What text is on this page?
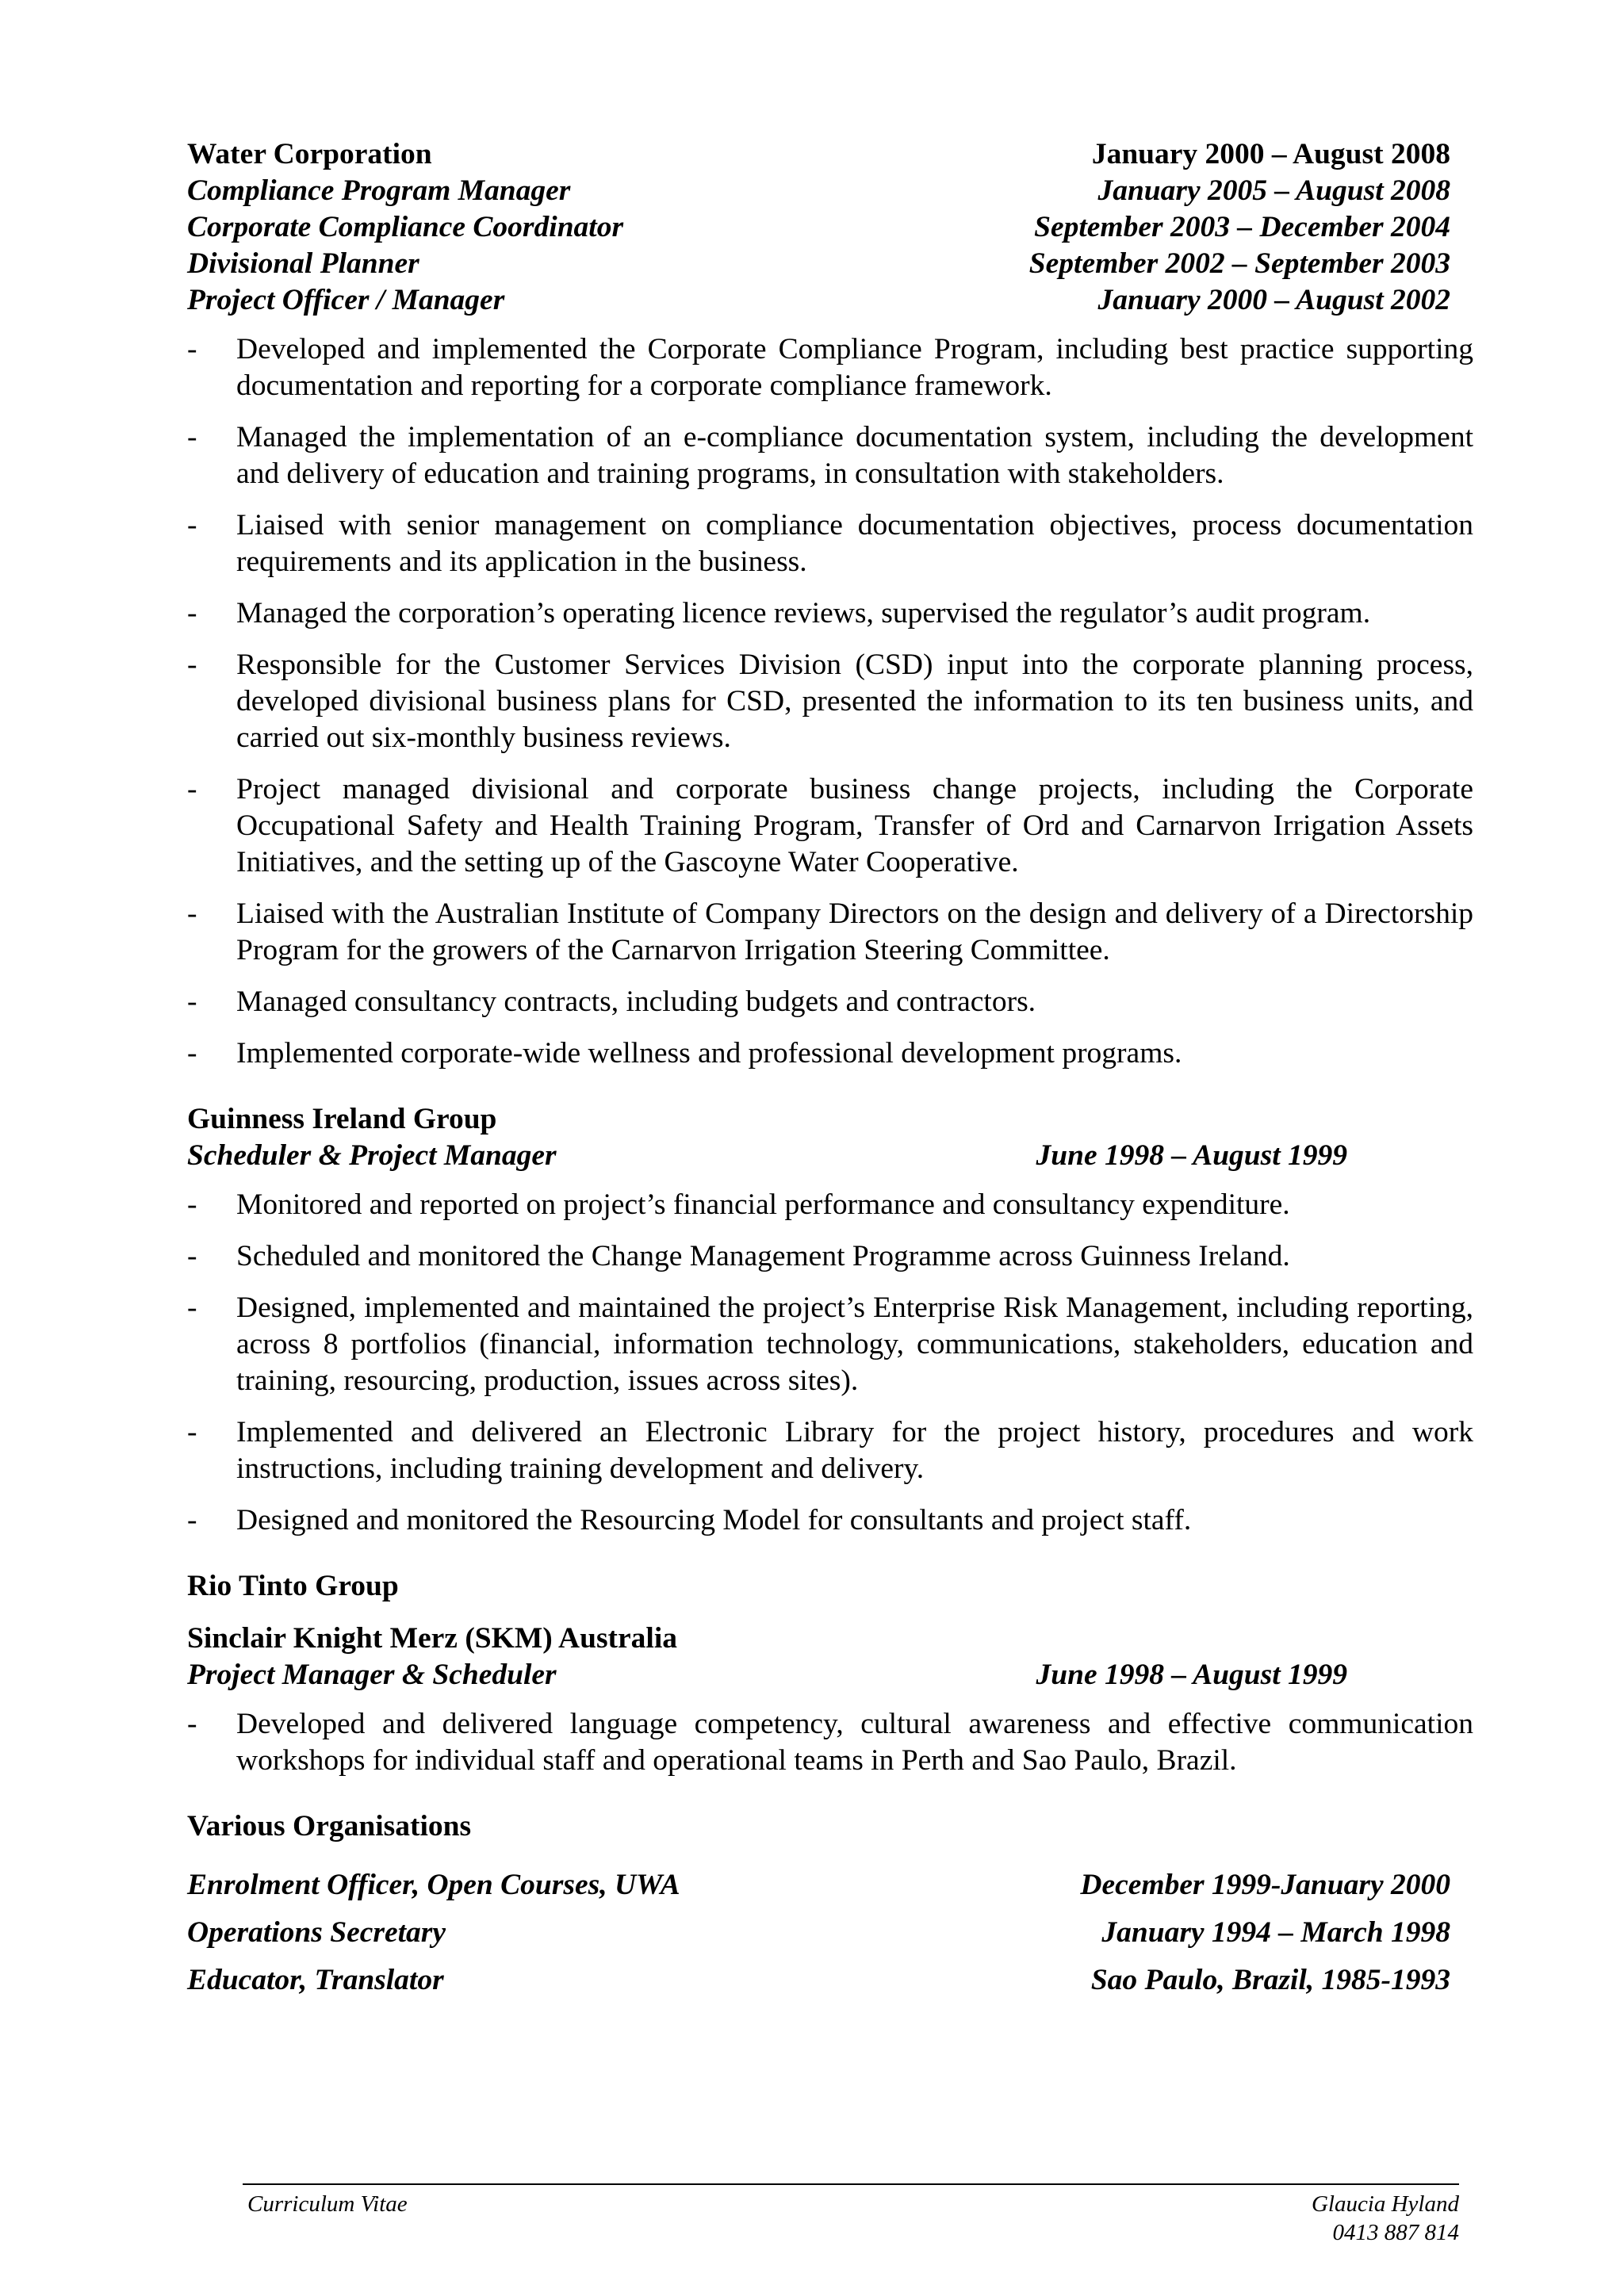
Water Corporation	January 2000 – August 2008
Compliance Program Manager	January 2005 – August 2008
Corporate Compliance Coordinator	September 2003 – December 2004
Divisional Planner	September 2002 – September 2003
Project Officer / Manager	January 2000 – August 2002
- Developed and implemented the Corporate Compliance Program, including best practice supporting documentation and reporting for a corporate compliance framework.
- Managed the implementation of an e-compliance documentation system, including the development and delivery of education and training programs, in consultation with stakeholders.
- Liaised with senior management on compliance documentation objectives, process documentation requirements and its application in the business.
- Managed the corporation’s operating licence reviews, supervised the regulator’s audit program.
- Responsible for the Customer Services Division (CSD) input into the corporate planning process, developed divisional business plans for CSD, presented the information to its ten business units, and carried out six-monthly business reviews.
- Project managed divisional and corporate business change projects, including the Corporate Occupational Safety and Health Training Program, Transfer of Ord and Carnarvon Irrigation Assets Initiatives, and the setting up of the Gascoyne Water Cooperative.
- Liaised with the Australian Institute of Company Directors on the design and delivery of a Directorship Program for the growers of the Carnarvon Irrigation Steering Committee.
- Managed consultancy contracts, including budgets and contractors.
- Implemented corporate-wide wellness and professional development programs.
Guinness Ireland Group
Scheduler & Project Manager	June 1998 – August 1999
- Monitored and reported on project’s financial performance and consultancy expenditure.
- Scheduled and monitored the Change Management Programme across Guinness Ireland.
- Designed, implemented and maintained the project’s Enterprise Risk Management, including reporting, across 8 portfolios (financial, information technology, communications, stakeholders, education and training, resourcing, production, issues across sites).
- Implemented and delivered an Electronic Library for the project history, procedures and work instructions, including training development and delivery.
- Designed and monitored the Resourcing Model for consultants and project staff.
Rio Tinto Group
Sinclair Knight Merz (SKM) Australia
Project Manager & Scheduler	June 1998 – August 1999
- Developed and delivered language competency, cultural awareness and effective communication workshops for individual staff and operational teams in Perth and Sao Paulo, Brazil.
Various Organisations
Enrolment Officer, Open Courses, UWA	December 1999-January 2000
Operations Secretary	January 1994 – March 1998
Educator, Translator	Sao Paulo, Brazil, 1985-1993
Curriculum Vitae	Glaucia Hyland
0413 887 814
